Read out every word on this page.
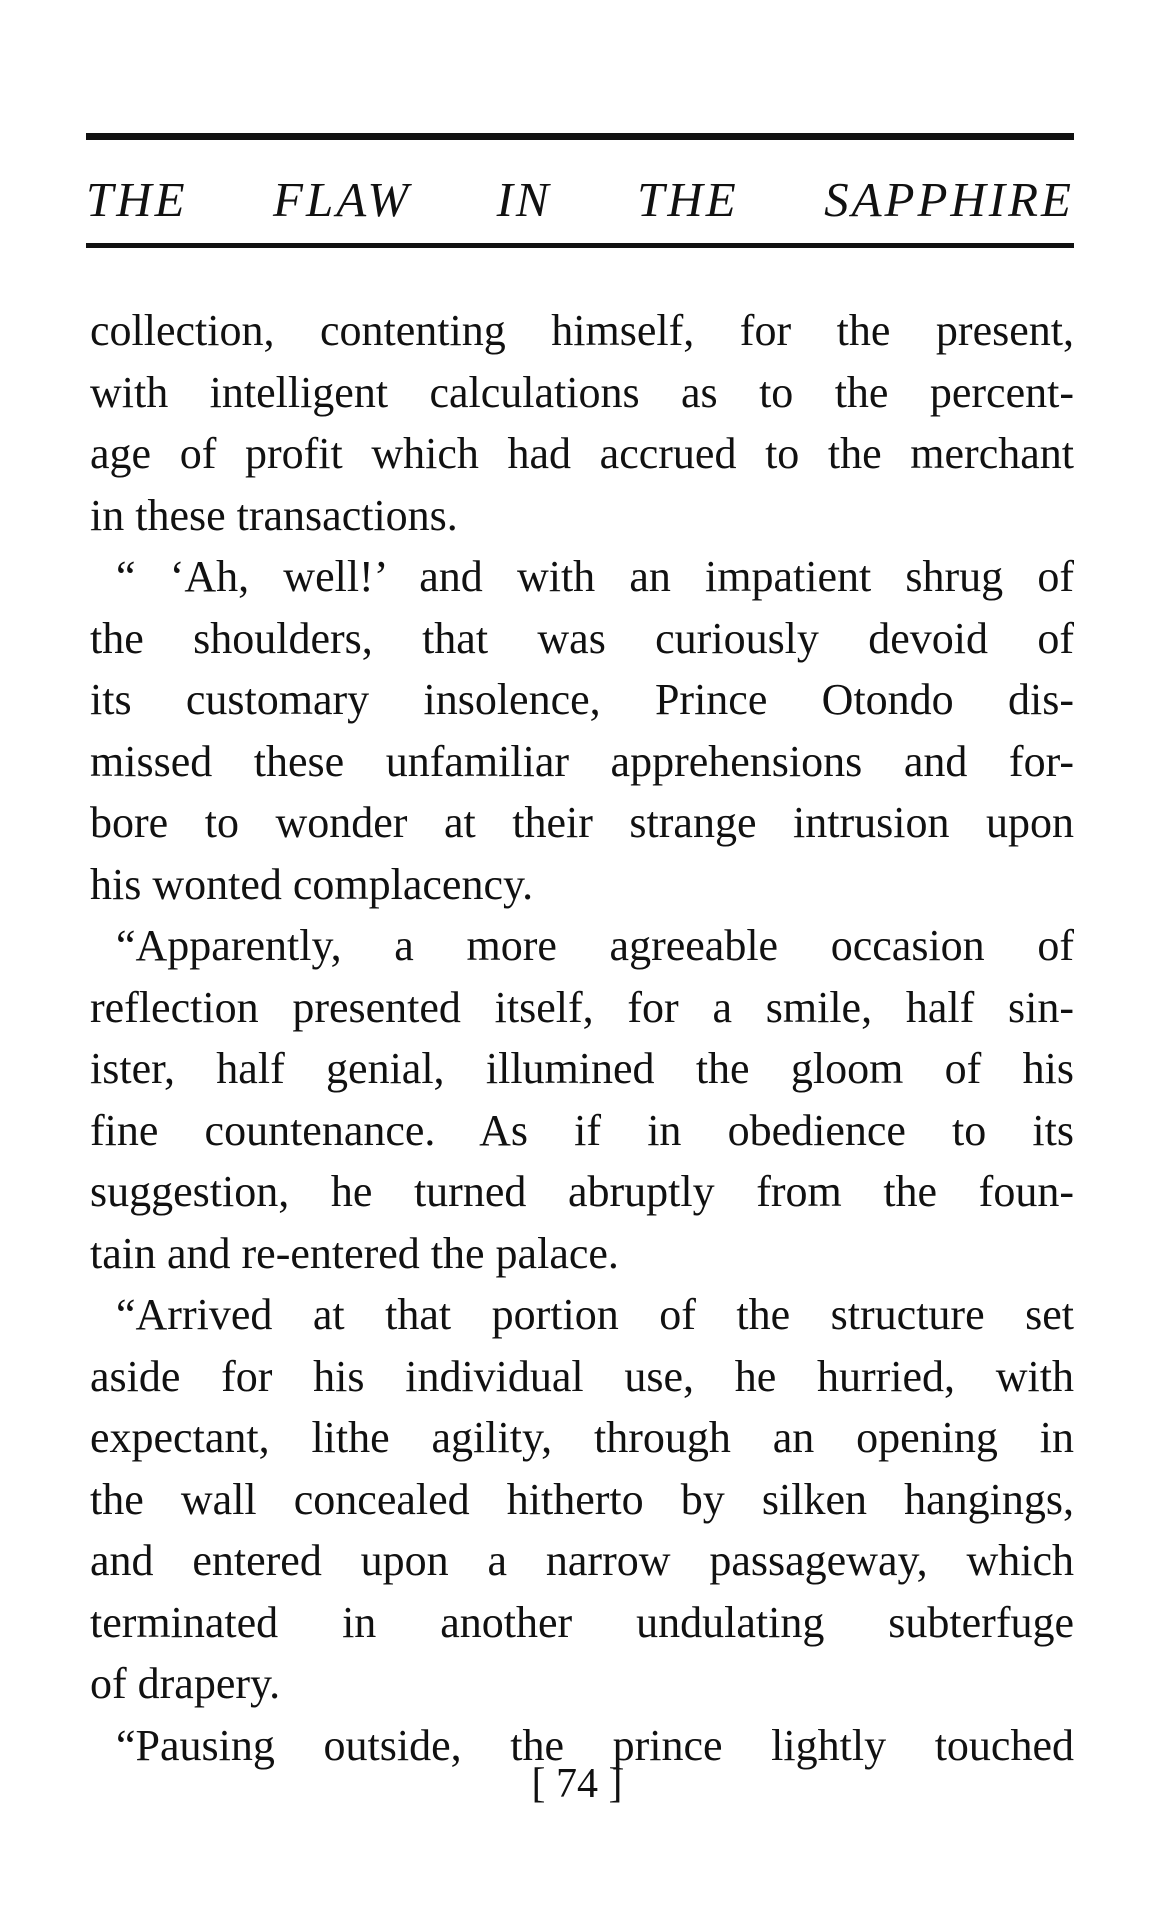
THE FLAW IN THE SAPPHIRE
collection, contenting himself, for the present,
with intelligent calculations as to the percent-
age of profit which had accrued to the merchant
in these transactions.
“ ‘Ah, well!’ and with an impatient shrug of
the shoulders, that was curiously devoid of
its customary insolence, Prince Otondo dis-
missed these unfamiliar apprehensions and for-
bore to wonder at their strange intrusion upon
his wonted complacency.
“Apparently, a more agreeable occasion of
reflection presented itself, for a smile, half sin-
ister, half genial, illumined the gloom of his
fine countenance. As if in obedience to its
suggestion, he turned abruptly from the foun-
tain and re-entered the palace.
“Arrived at that portion of the structure set
aside for his individual use, he hurried, with
expectant, lithe agility, through an opening in
the wall concealed hitherto by silken hangings,
and entered upon a narrow passageway, which
terminated in another undulating subterfuge
of drapery.
“Pausing outside, the prince lightly touched
[ 74 ]
